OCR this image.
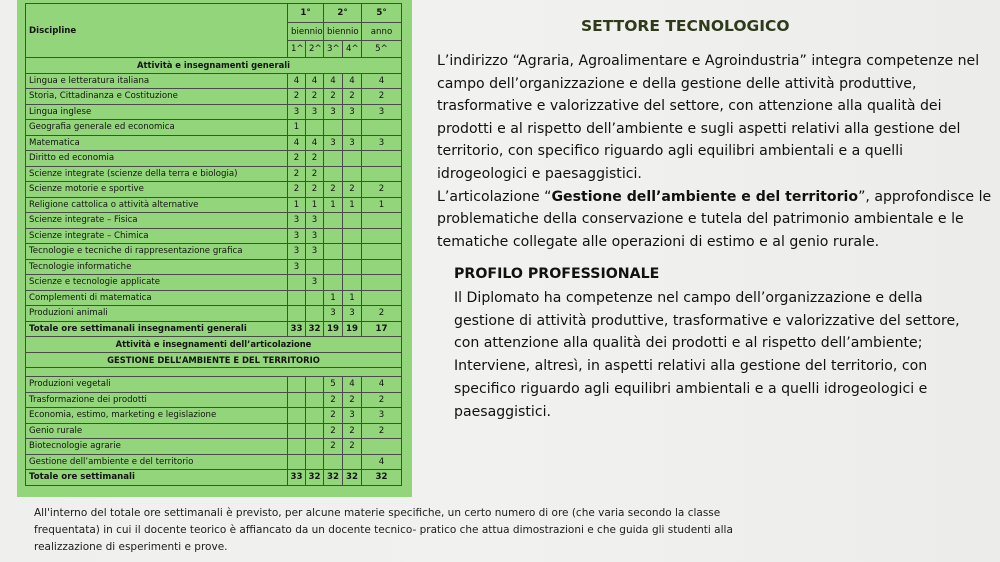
Discipline	1°		2°		5°
	biennio		biennio		anno
	1^	2^	3^	4^	5^
Attività e insegnamenti generali					
Lingua e letteratura italiana	4	4	4	4	4
Storia, Cittadinanza e Costituzione	2	2	2	2	2
Lingua inglese	3	3	3	3	3
Geografia generale ed economica	1				
Matematica	4	4	3	3	3
Diritto ed economia	2	2			
Scienze integrate (scienze della terra e biologia)	2	2			
Scienze motorie e sportive	2	2	2	2	2
Religione cattolica o attività alternative	1	1	1	1	1
Scienze integrate – Fisica	3	3			
Scienze integrate – Chimica	3	3			
Tecnologie e tecniche di rappresentazione grafica	3	3			
Tecnologie informatiche	3				
Scienze e tecnologie applicate		3			
Complementi di matematica			1	1	
Produzioni animali			3	3	2
Totale ore settimanali insegnamenti generali	33	32	19	19	17
Attività e insegnamenti dell’articolazione					
GESTIONE DELL’AMBIENTE E DEL TERRITORIO					

Produzioni vegetali			5	4	4
Trasformazione dei prodotti			2	2	2
Economia, estimo, marketing e legislazione			2	3	3
Genio rurale			2	2	2
Biotecnologie agrarie			2	2	
Gestione dell’ambiente e del territorio					4
Totale ore settimanali	33	32	32	32	32
SETTORE TECNOLOGICO

L’indirizzo “Agraria, Agroalimentare e Agroindustria” integra competenze nel campo dell’organizzazione e della gestione delle attività produttive, trasformative e valorizzative del settore, con attenzione alla qualità dei prodotti e al rispetto dell’ambiente e sugli aspetti relativi alla gestione del territorio, con specifico riguardo agli equilibri ambientali e a quelli idrogeologici e paesaggistici.

L’articolazione “Gestione dell’ambiente e del territorio”, approfondisce le problematiche della conservazione e tutela del patrimonio ambientale e le tematiche collegate alle operazioni di estimo e al genio rurale.

PROFILO PROFESSIONALE

Il Diplomato ha competenze nel campo dell’organizzazione e della gestione di attività produttive, trasformative e valorizzative del settore, con attenzione alla qualità dei prodotti e al rispetto dell’ambiente; Interviene, altresì, in aspetti relativi alla gestione del territorio, con specifico riguardo agli equilibri ambientali e a quelli idrogeologici e paesaggistici.

All'interno del totale ore settimanali è previsto, per alcune materie specifiche, un certo numero di ore (che varia secondo la classe frequentata) in cui il docente teorico è affiancato da un docente tecnico- pratico che attua dimostrazioni e che guida gli studenti alla realizzazione di esperimenti e prove.
